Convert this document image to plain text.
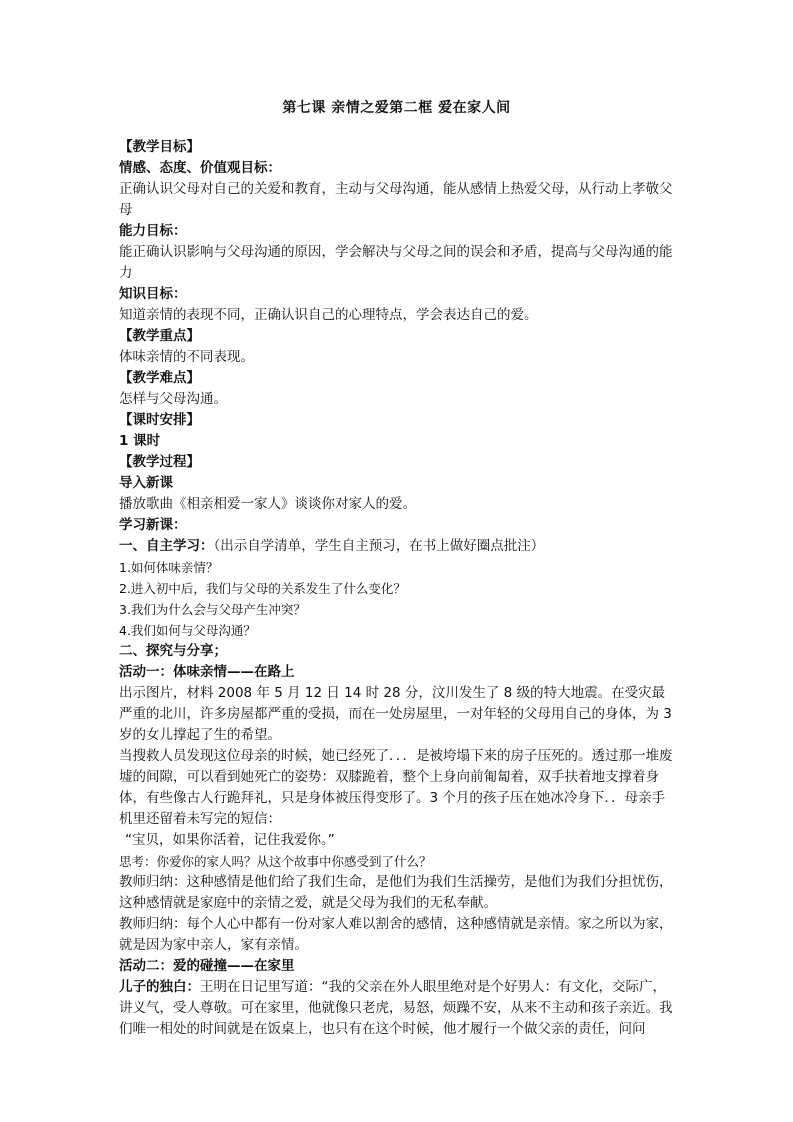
第七课 亲情之爱第二框 爱在家人间

【教学目标】

情感、态度、价值观目标：

正确认识父母对自己的关爱和教育，主动与父母沟通，能从感情上热爱父母，从行动上孝敬父母

能力目标：

能正确认识影响与父母沟通的原因，学会解决与父母之间的误会和矛盾，提高与父母沟通的能力

知识目标：

知道亲情的表现不同，正确认识自己的心理特点，学会表达自己的爱。

【教学重点】

体味亲情的不同表现。

【教学难点】

怎样与父母沟通。

【课时安排】

1 课时

【教学过程】

导入新课

播放歌曲《相亲相爱一家人》谈谈你对家人的爱。

学习新课：

一、自主学习：（出示自学清单，学生自主预习，在书上做好圈点批注）

1.如何体味亲情？

2.进入初中后，我们与父母的关系发生了什么变化？

3.我们为什么会与父母产生冲突？

4.我们如何与父母沟通？

二、探究与分享；

活动一：体味亲情——在路上

出示图片，材料 2008 年 5 月 12 日 14 时 28 分，汶川发生了 8 级的特大地震。在受灾最严重的北川，许多房屋都严重的受损，而在一处房屋里，一对年轻的父母用自己的身体，为 3 岁的女儿撑起了生的希望。

当搜救人员发现这位母亲的时候，她已经死了．．．是被垮塌下来的房子压死的。透过那一堆废墟的间隙，可以看到她死亡的姿势：双膝跪着，整个上身向前匍匐着，双手扶着地支撑着身体，有些像古人行跪拜礼，只是身体被压得变形了。3 个月的孩子压在她冰冷身下．．母亲手机里还留着未写完的短信：

“宝贝，如果你活着，记住我爱你。”

思考：你爱你的家人吗？从这个故事中你感受到了什么？

教师归纳：这种感情是他们给了我们生命，是他们为我们生活操劳，是他们为我们分担忧伤，这种感情就是家庭中的亲情之爱，就是父母为我们的无私奉献。

教师归纳：每个人心中都有一份对家人难以割舍的感情，这种感情就是亲情。家之所以为家，就是因为家中亲人，家有亲情。

活动二：爱的碰撞——在家里

儿子的独白：王明在日记里写道：“我的父亲在外人眼里绝对是个好男人：有文化，交际广，讲义气，受人尊敬。可在家里，他就像只老虎，易怒，烦躁不安，从来不主动和孩子亲近。我们唯一相处的时间就是在饭桌上，也只有在这个时候，他才履行一个做父亲的责任，问问
